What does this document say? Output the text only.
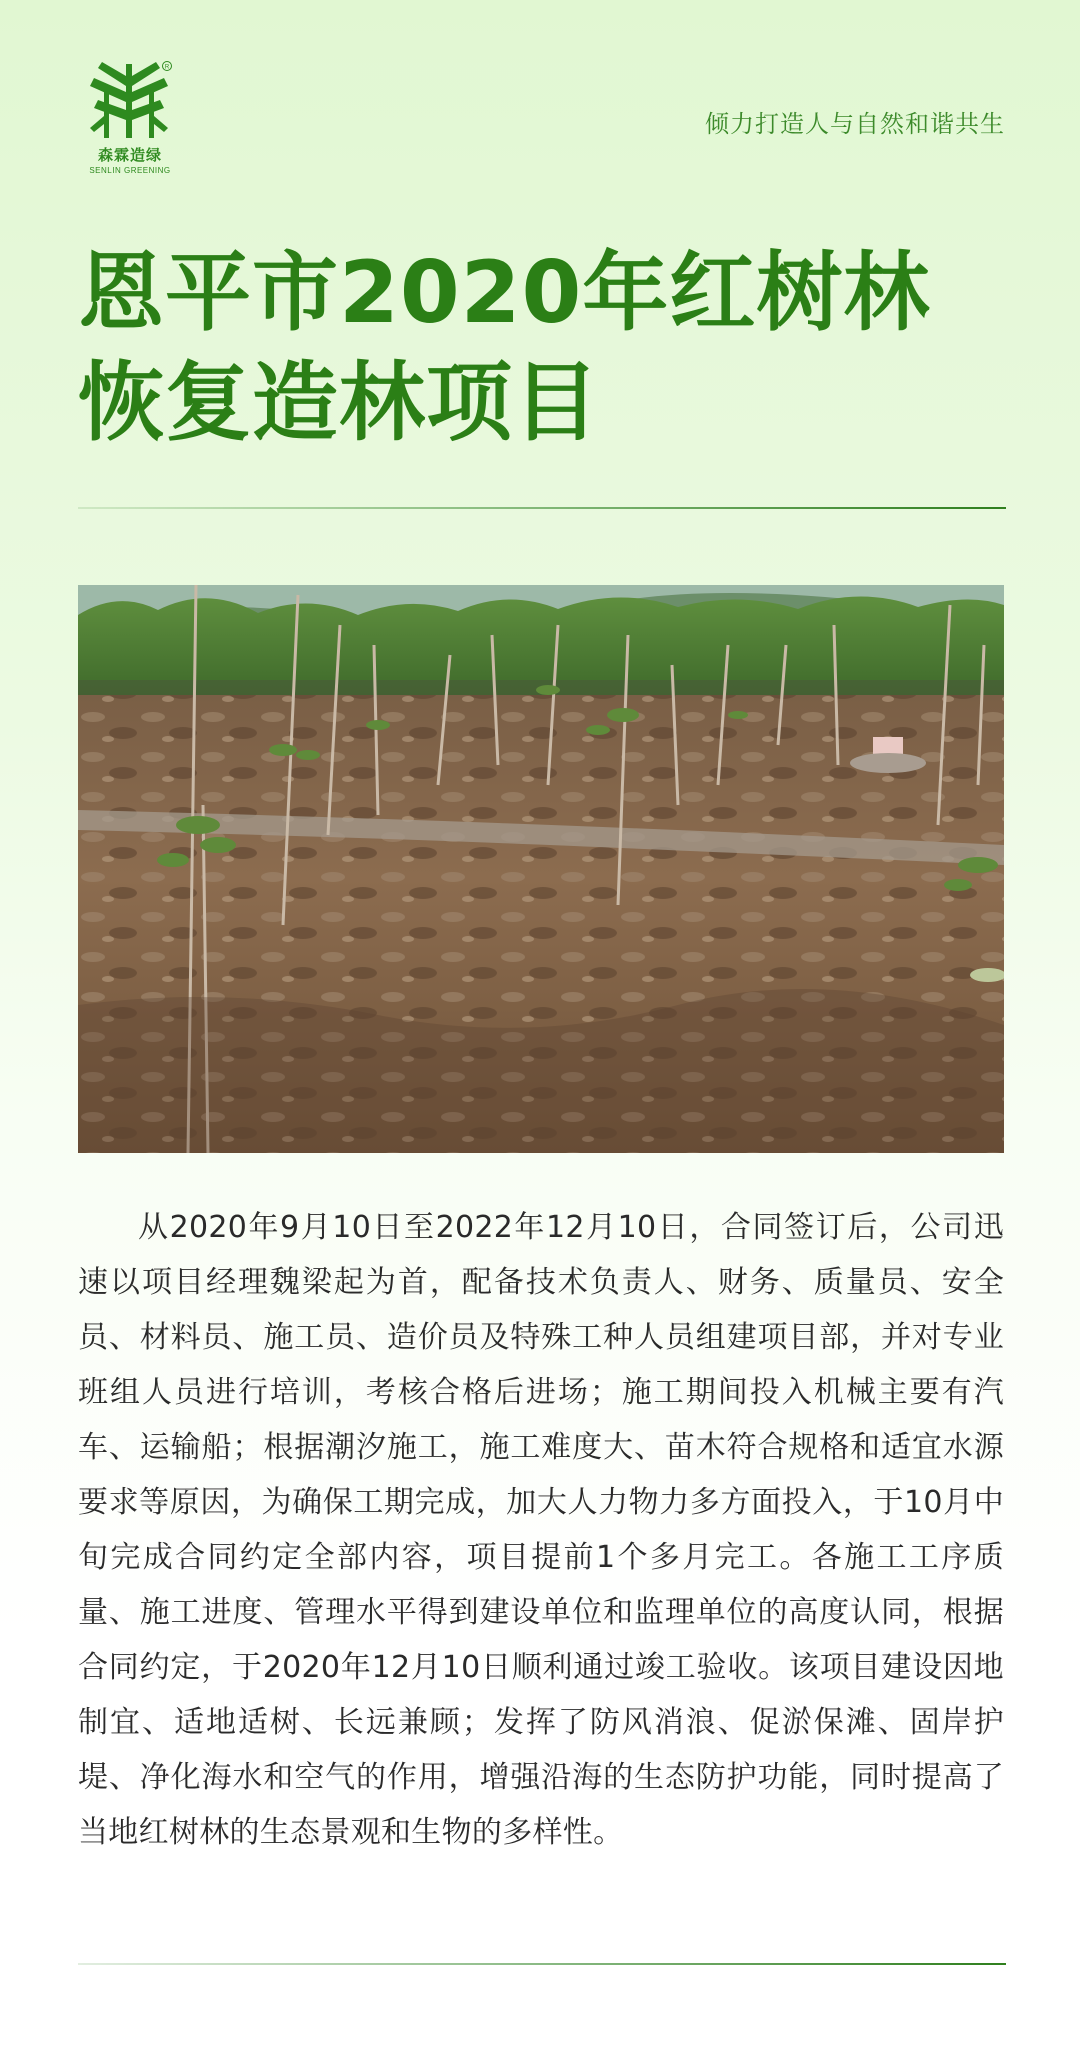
R
森霖造绿
SENLIN GREENING
倾力打造人与自然和谐共生
恩平市2020年红树林
恢复造林项目

从2020年9月10日至2022年12月10日，合同签订后，公司迅速以项目经理魏梁起为首，配备技术负责人、财务、质量员、安全员、材料员、施工员、造价员及特殊工种人员组建项目部，并对专业班组人员进行培训，考核合格后进场；施工期间投入机械主要有汽车、运输船；根据潮汐施工，施工难度大、苗木符合规格和适宜水源要求等原因，为确保工期完成，加大人力物力多方面投入，于10月中旬完成合同约定全部内容，项目提前1个多月完工。各施工工序质量、施工进度、管理水平得到建设单位和监理单位的高度认同，根据合同约定，于2020年12月10日顺利通过竣工验收。该项目建设因地制宜、适地适树、长远兼顾；发挥了防风消浪、促淤保滩、固岸护堤、净化海水和空气的作用，增强沿海的生态防护功能，同时提高了当地红树林的生态景观和生物的多样性。
